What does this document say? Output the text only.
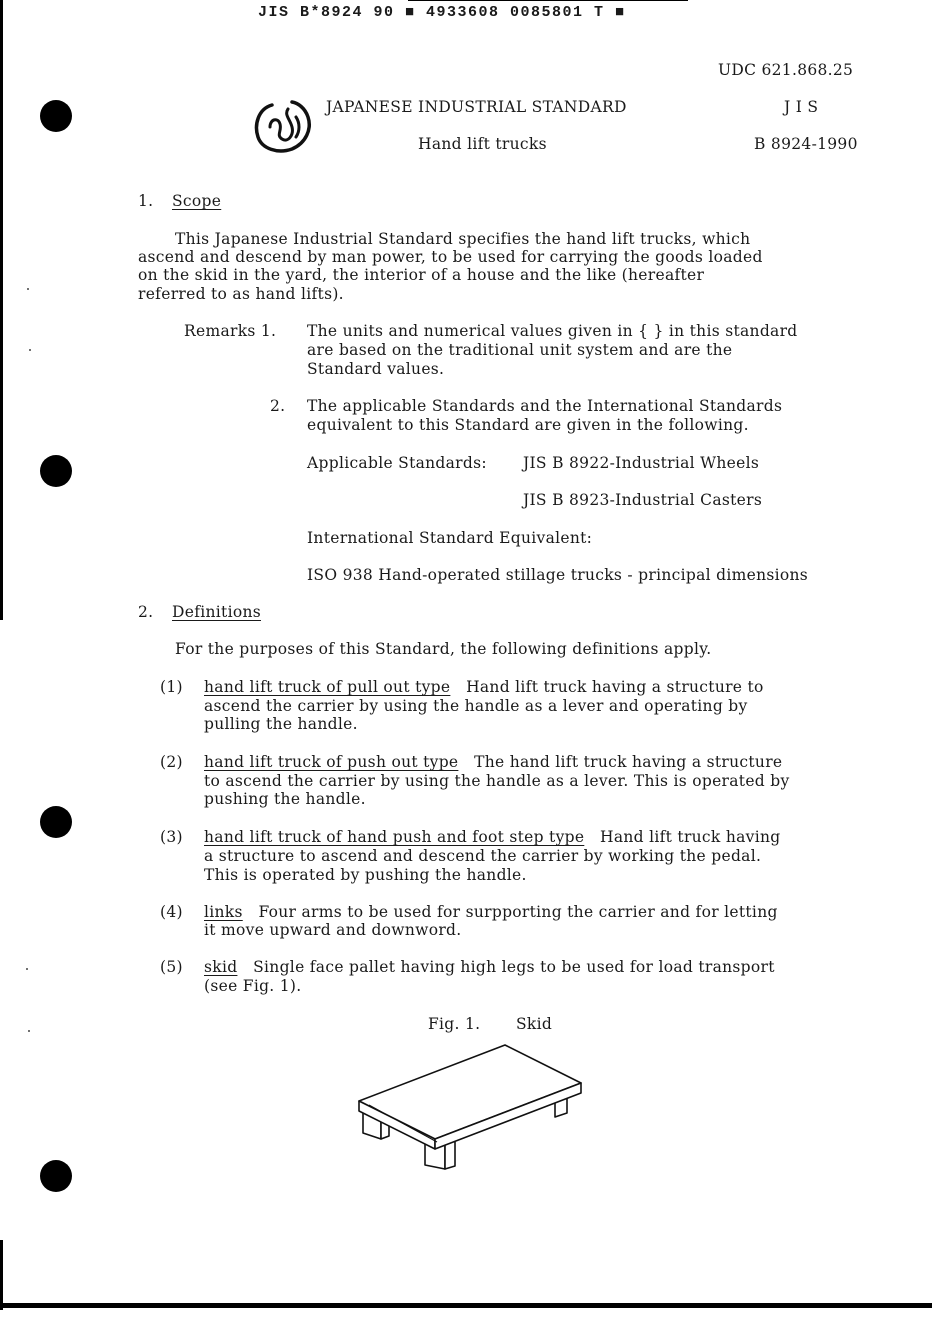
JIS B*8924 90 ■ 4933608 0085801 T ■
UDC 621.868.25
JAPANESE INDUSTRIAL STANDARD	J I S
Hand lift trucks	B 8924-1990
1. Scope
This Japanese Industrial Standard specifies the hand lift trucks, which
ascend and descend by man power, to be used for carrying the goods loaded
on the skid in the yard, the interior of a house and the like (hereafter
referred to as hand lifts).
Remarks 1. The units and numerical values given in { } in this standard
are based on the traditional unit system and are the
Standard values.
2. The applicable Standards and the International Standards
equivalent to this Standard are given in the following.
Applicable Standards: JIS B 8922-Industrial Wheels
JIS B 8923-Industrial Casters
International Standard Equivalent:
ISO 938 Hand-operated stillage trucks - principal dimensions
2. Definitions
For the purposes of this Standard, the following definitions apply.
(1) hand lift truck of pull out type Hand lift truck having a structure to
ascend the carrier by using the handle as a lever and operating by
pulling the handle.
(2) hand lift truck of push out type The hand lift truck having a structure
to ascend the carrier by using the handle as a lever. This is operated by
pushing the handle.
(3) hand lift truck of hand push and foot step type Hand lift truck having
a structure to ascend and descend the carrier by working the pedal.
This is operated by pushing the handle.
(4) links Four arms to be used for surpporting the carrier and for letting
it move upward and downword.
(5) skid Single face pallet having high legs to be used for load transport
(see Fig. 1).
Fig. 1. Skid
